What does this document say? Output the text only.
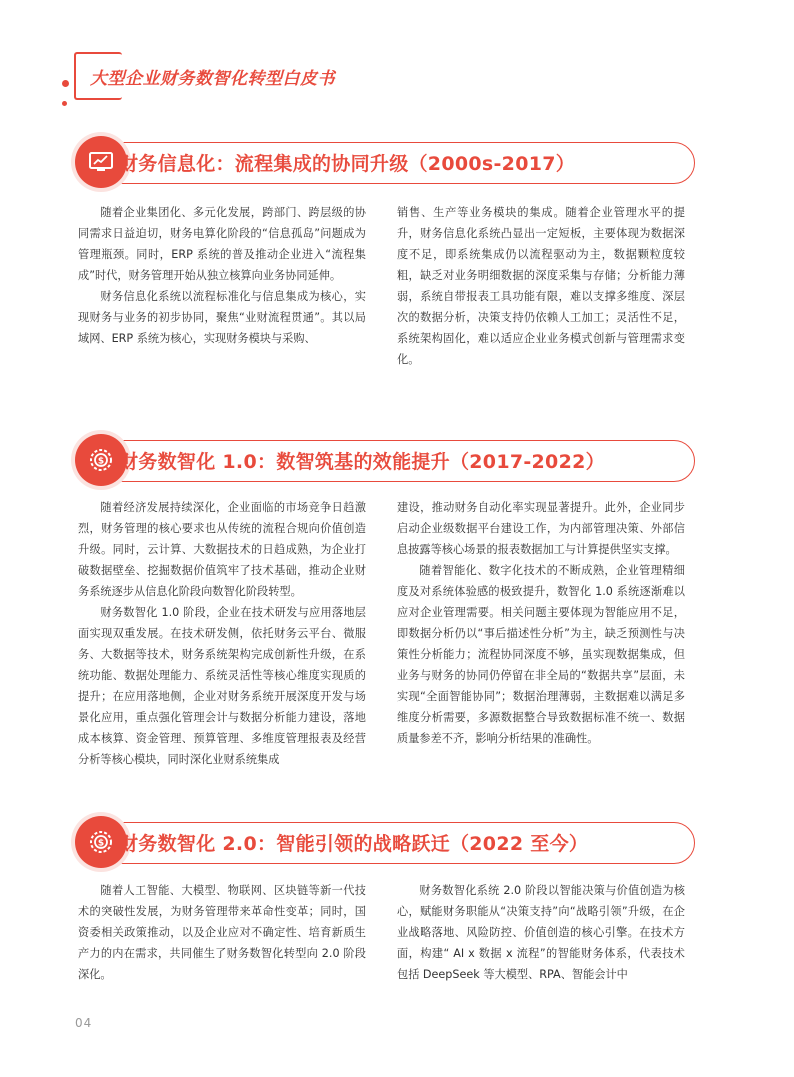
大型企业财务数智化转型白皮书
财务信息化：流程集成的协同升级（2000s-2017）

随着企业集团化、多元化发展，跨部门、跨层级的协同需求日益迫切，财务电算化阶段的“信息孤岛”问题成为管理瓶颈。同时，ERP 系统的普及推动企业进入“流程集成”时代，财务管理开始从独立核算向业务协同延伸。

财务信息化系统以流程标准化与信息集成为核心，实现财务与业务的初步协同，聚焦“业财流程贯通”。其以局域网、ERP 系统为核心，实现财务模块与采购、

销售、生产等业务模块的集成。随着企业管理水平的提升，财务信息化系统凸显出一定短板，主要体现为数据深度不足，即系统集成仍以流程驱动为主，数据颗粒度较粗，缺乏对业务明细数据的深度采集与存储；分析能力薄弱，系统自带报表工具功能有限，难以支撑多维度、深层次的数据分析，决策支持仍依赖人工加工；灵活性不足，系统架构固化，难以适应企业业务模式创新与管理需求变化。

$ 财务数智化 1.0：数智筑基的效能提升（2017-2022）

随着经济发展持续深化，企业面临的市场竞争日趋激烈，财务管理的核心要求也从传统的流程合规向价值创造升级。同时，云计算、大数据技术的日趋成熟，为企业打破数据壁垒、挖掘数据价值筑牢了技术基础，推动企业财务系统逐步从信息化阶段向数智化阶段转型。

财务数智化 1.0 阶段，企业在技术研发与应用落地层面实现双重发展。在技术研发侧，依托财务云平台、微服务、大数据等技术，财务系统架构完成创新性升级，在系统功能、数据处理能力、系统灵活性等核心维度实现质的提升；在应用落地侧，企业对财务系统开展深度开发与场景化应用，重点强化管理会计与数据分析能力建设，落地成本核算、资金管理、预算管理、多维度管理报表及经营分析等核心模块，同时深化业财系统集成

建设，推动财务自动化率实现显著提升。此外，企业同步启动企业级数据平台建设工作，为内部管理决策、外部信息披露等核心场景的报表数据加工与计算提供坚实支撑。

随着智能化、数字化技术的不断成熟，企业管理精细度及对系统体验感的极致提升，数智化 1.0 系统逐渐难以应对企业管理需要。相关问题主要体现为智能应用不足，即数据分析仍以“事后描述性分析”为主，缺乏预测性与决策性分析能力；流程协同深度不够，虽实现数据集成，但业务与财务的协同仍停留在非全局的“数据共享”层面，未实现“全面智能协同”；数据治理薄弱，主数据难以满足多维度分析需要，多源数据整合导致数据标准不统一、数据质量参差不齐，影响分析结果的准确性。

$ 财务数智化 2.0：智能引领的战略跃迁（2022 至今）

随着人工智能、大模型、物联网、区块链等新一代技术的突破性发展，为财务管理带来革命性变革；同时，国资委相关政策推动，以及企业应对不确定性、培育新质生产力的内在需求，共同催生了财务数智化转型向 2.0 阶段深化。

财务数智化系统 2.0 阶段以智能决策与价值创造为核心，赋能财务职能从“决策支持”向“战略引领”升级，在企业战略落地、风险防控、价值创造的核心引擎。在技术方面，构建“ AI x 数据 x 流程”的智能财务体系，代表技术包括 DeepSeek 等大模型、RPA、智能会计中

04
